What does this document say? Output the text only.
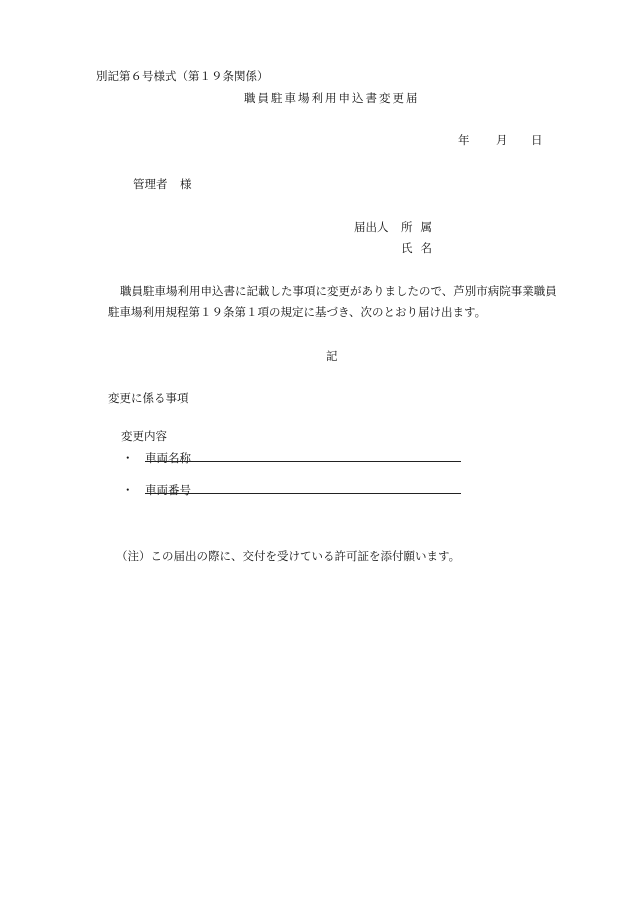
別記第６号様式（第１９条関係）
職員駐車場利用申込書変更届
年 月 日
管理者 様
届出人 所属
氏名
職員駐車場利用申込書に記載した事項に変更がありましたので、芦別市病院事業職員駐車場利用規程第１９条第１項の規定に基づき、次のとおり届け出ます。
記
変更に係る事項
変更内容
・ 車両名称
・ 車両番号
（注）この届出の際に、交付を受けている許可証を添付願います。
